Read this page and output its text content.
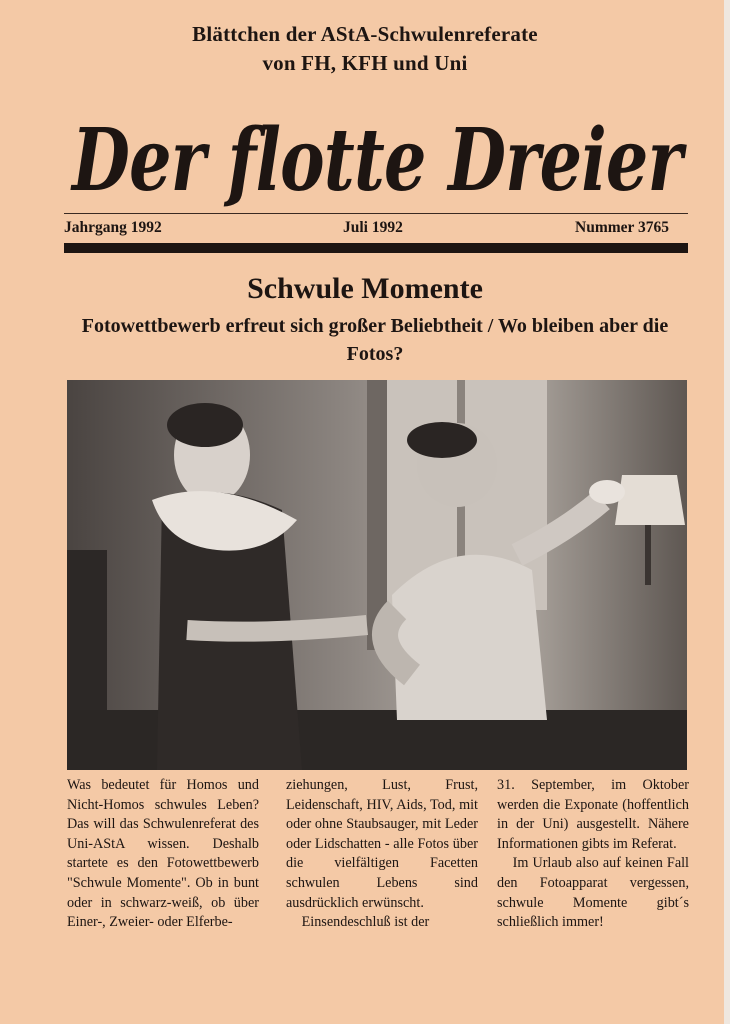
Blättchen der AStA-Schwulenreferate
von FH, KFH und Uni
Der flotte Dreier
Jahrgang 1992	Juli 1992	Nummer 3765
Schwule Momente
Fotowettbewerb erfreut sich großer Beliebtheit / Wo bleiben aber die Fotos?

Was bedeutet für Homos und Nicht-Homos schwules Leben? Das will das Schwulenreferat des Uni-AStA wissen. Deshalb startete es den Fotowettbewerb "Schwule Momente". Ob in bunt oder in schwarz-weiß, ob über Einer-, Zweier- oder Elferbe-

ziehungen, Lust, Frust, Leidenschaft, HIV, Aids, Tod, mit oder ohne Staubsauger, mit Leder oder Lidschatten - alle Fotos über die vielfältigen Facetten schwulen Lebens sind ausdrücklich erwünscht.

Einsendeschluß ist der

31. September, im Oktober werden die Exponate (hoffentlich in der Uni) ausgestellt. Nähere Informationen gibts im Referat.

Im Urlaub also auf keinen Fall den Fotoapparat vergessen, schwule Momente gibt´s schließlich immer!
